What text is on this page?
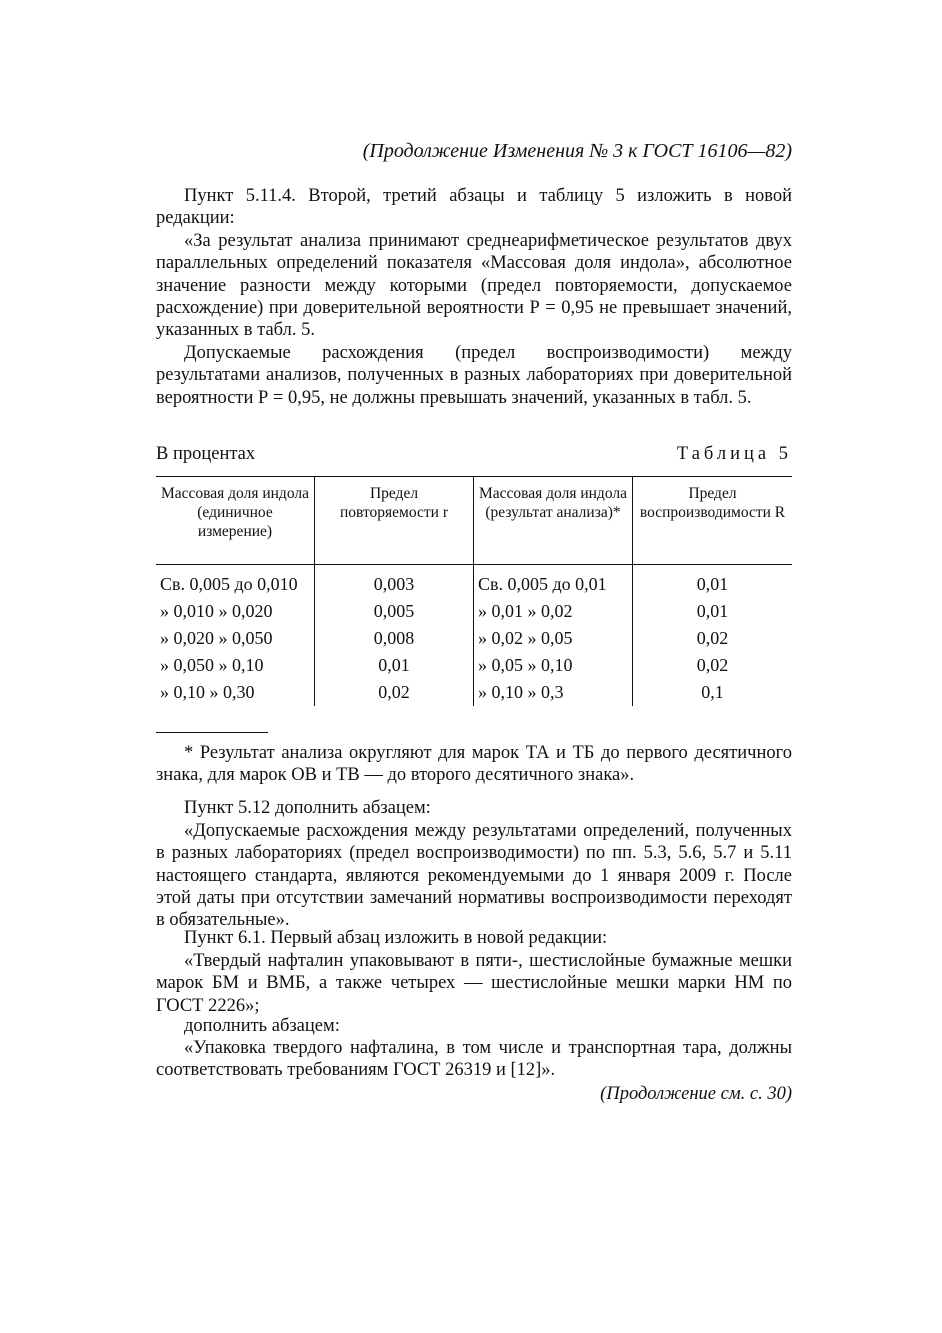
(Продолжение Изменения № 3 к ГОСТ 16106—82)

Пункт 5.11.4. Второй, третий абзацы и таблицу 5 изложить в новой редакции:

«За результат анализа принимают среднеарифметическое результатов двух параллельных определений показателя «Массовая доля индола», абсолютное значение разности между которыми (предел повторяемости, допускаемое расхождение) при доверительной вероятности Р = 0,95 не превышает значений, указанных в табл. 5.

Допускаемые расхождения (предел воспроизводимости) между результатами анализов, полученных в разных лабораториях при доверительной вероятности Р = 0,95, не должны превышать значений, указанных в табл. 5.

В процентах	Таблица 5
Массовая доля индола (единичное измерение)	Предел повторяемости r	Массовая доля индола (результат анализа)*	Предел воспроизводимости R
Св. 0,005 до 0,010	0,003	Св. 0,005 до 0,01	0,01
» 0,010 » 0,020	0,005	» 0,01 » 0,02	0,01
» 0,020 » 0,050	0,008	» 0,02 » 0,05	0,02
» 0,050 » 0,10	0,01	» 0,05 » 0,10	0,02
» 0,10 » 0,30	0,02	» 0,10 » 0,3	0,1

* Результат анализа округляют для марок ТА и ТБ до первого десятичного знака, для марок ОВ и ТВ — до второго десятичного знака».

Пункт 5.12 дополнить абзацем:

«Допускаемые расхождения между результатами определений, полученных в разных лабораториях (предел воспроизводимости) по пп. 5.3, 5.6, 5.7 и 5.11 настоящего стандарта, являются рекомендуемыми до 1 января 2009 г. После этой даты при отсутствии замечаний нормативы воспроизводимости переходят в обязательные».

Пункт 6.1. Первый абзац изложить в новой редакции:

«Твердый нафталин упаковывают в пяти-, шестислойные бумажные мешки марок БМ и ВМБ, а также четырех — шестислойные мешки марки НМ по ГОСТ 2226»;

дополнить абзацем:

«Упаковка твердого нафталина, в том числе и транспортная тара, должны соответствовать требованиям ГОСТ 26319 и [12]».

(Продолжение см. с. 30)
